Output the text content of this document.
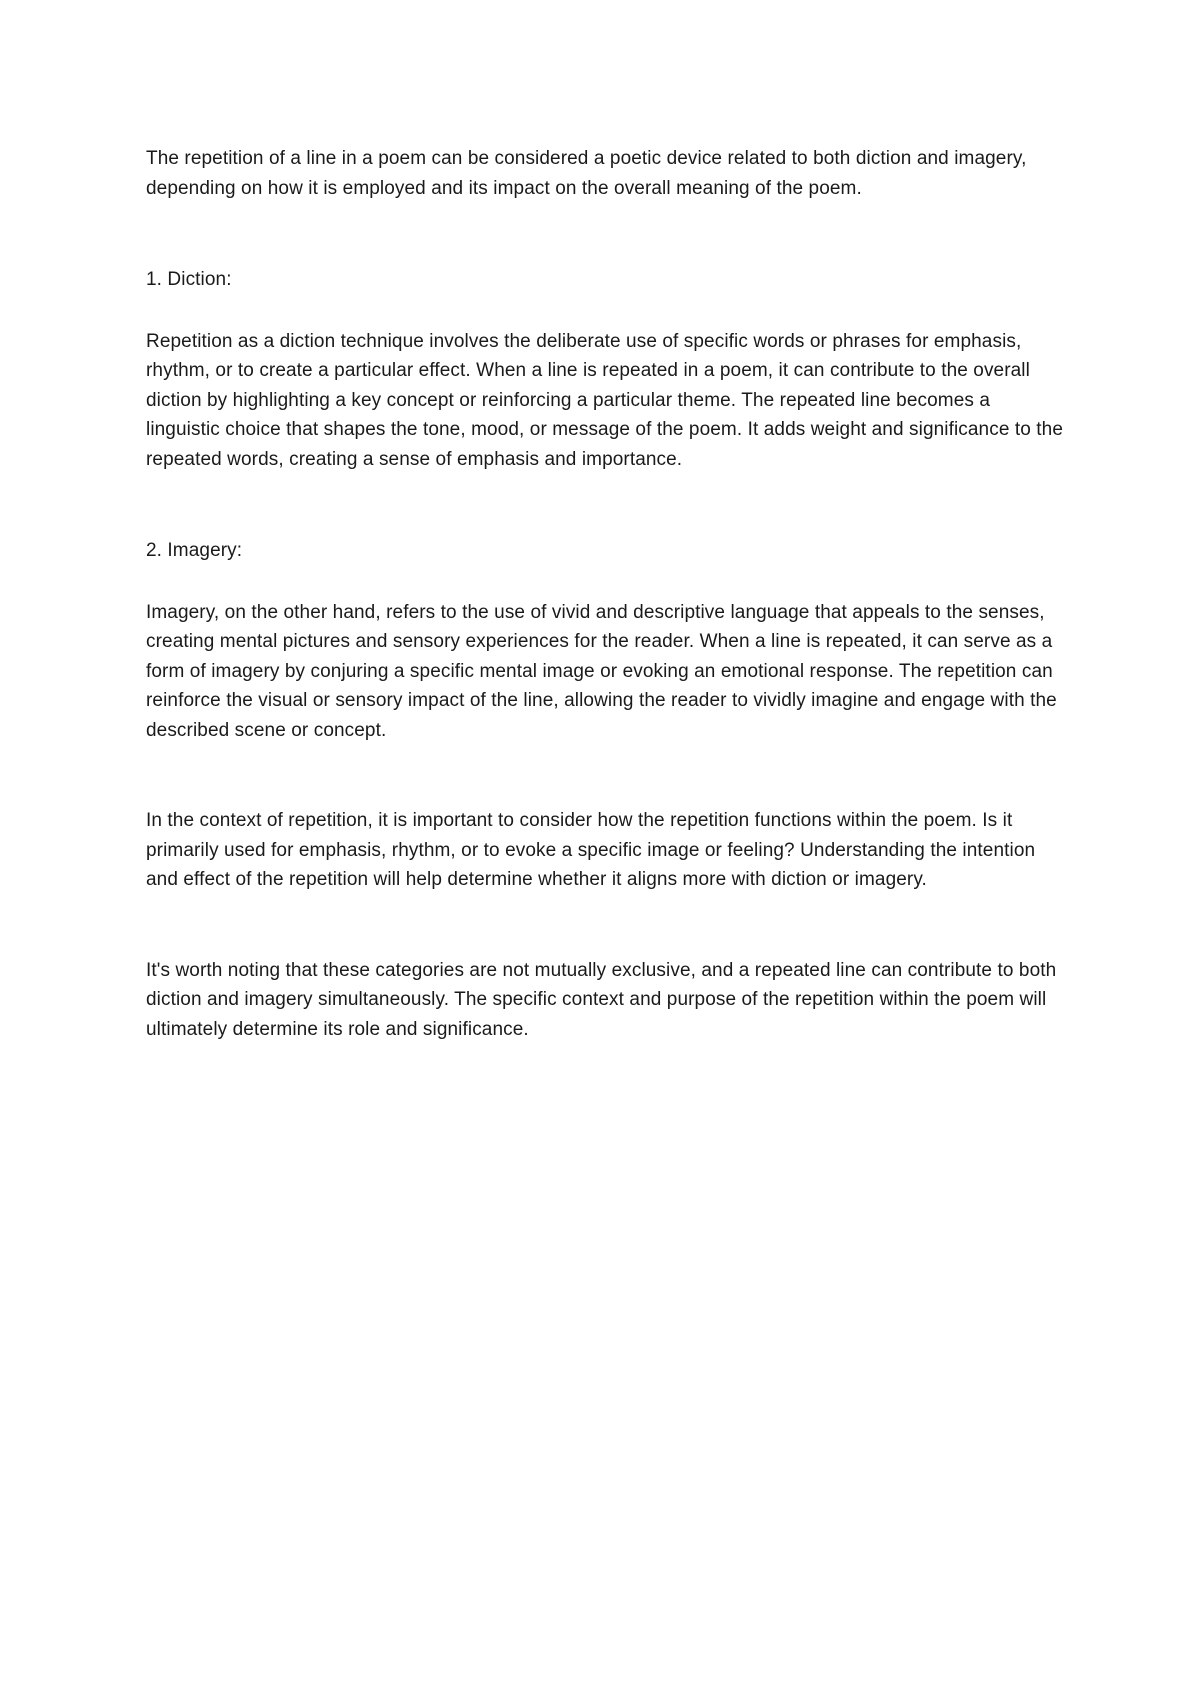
The repetition of a line in a poem can be considered a poetic device related to both diction and imagery, depending on how it is employed and its impact on the overall meaning of the poem.

1. Diction:

Repetition as a diction technique involves the deliberate use of specific words or phrases for emphasis, rhythm, or to create a particular effect. When a line is repeated in a poem, it can contribute to the overall diction by highlighting a key concept or reinforcing a particular theme. The repeated line becomes a linguistic choice that shapes the tone, mood, or message of the poem. It adds weight and significance to the repeated words, creating a sense of emphasis and importance.

2. Imagery:

Imagery, on the other hand, refers to the use of vivid and descriptive language that appeals to the senses, creating mental pictures and sensory experiences for the reader. When a line is repeated, it can serve as a form of imagery by conjuring a specific mental image or evoking an emotional response. The repetition can reinforce the visual or sensory impact of the line, allowing the reader to vividly imagine and engage with the described scene or concept.

In the context of repetition, it is important to consider how the repetition functions within the poem. Is it primarily used for emphasis, rhythm, or to evoke a specific image or feeling? Understanding the intention and effect of the repetition will help determine whether it aligns more with diction or imagery.

It's worth noting that these categories are not mutually exclusive, and a repeated line can contribute to both diction and imagery simultaneously. The specific context and purpose of the repetition within the poem will ultimately determine its role and significance.
